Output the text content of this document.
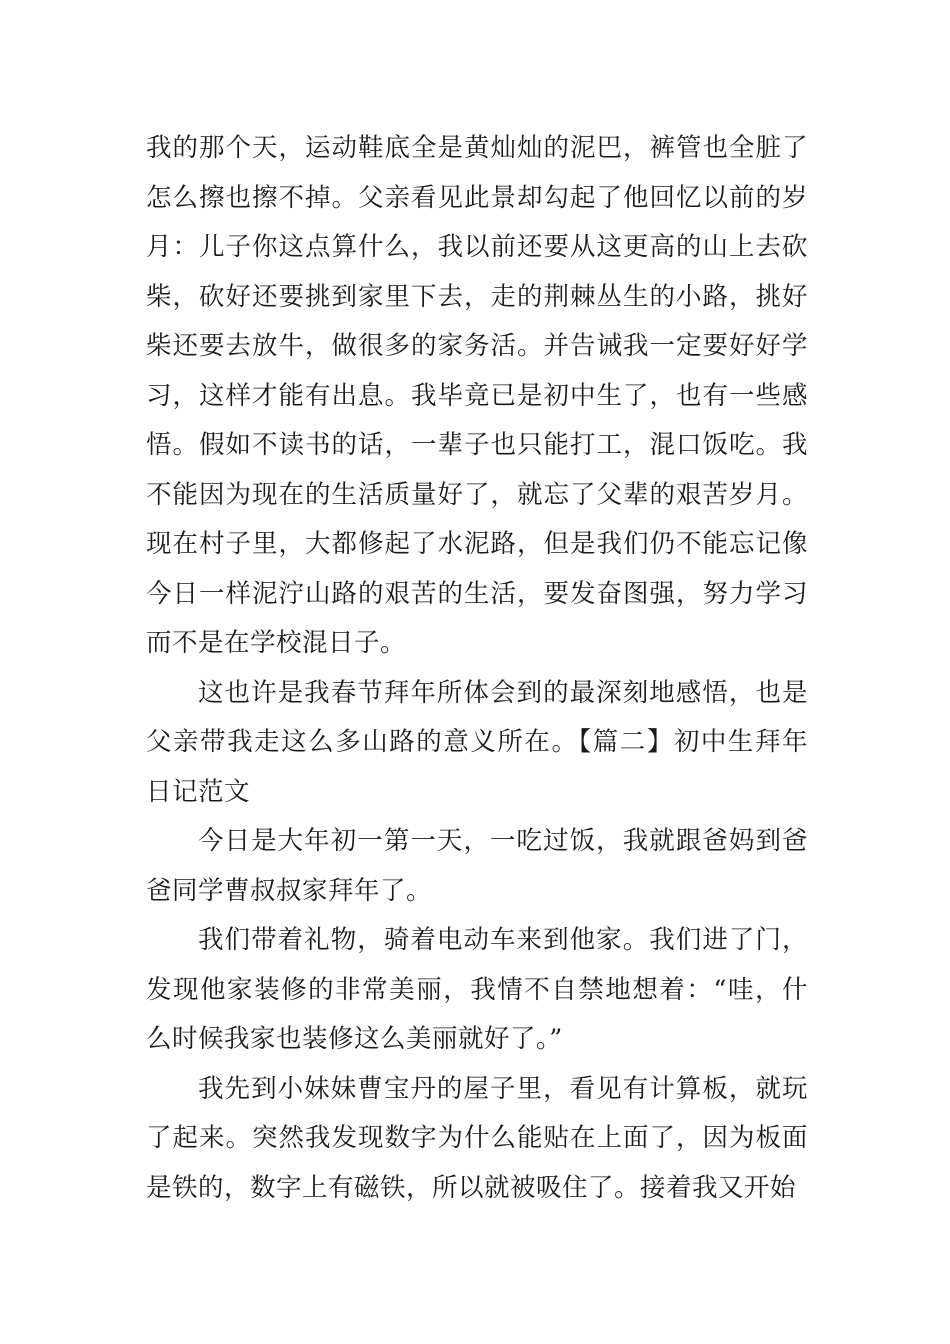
我的那个天，运动鞋底全是黄灿灿的泥巴，裤管也全脏了怎么擦也擦不掉。父亲看见此景却勾起了他回忆以前的岁月：儿子你这点算什么，我以前还要从这更高的山上去砍柴，砍好还要挑到家里下去，走的荆棘丛生的小路，挑好柴还要去放牛，做很多的家务活。并告诫我一定要好好学习，这样才能有出息。我毕竟已是初中生了，也有一些感悟。假如不读书的话，一辈子也只能打工，混口饭吃。我不能因为现在的生活质量好了，就忘了父辈的艰苦岁月。现在村子里，大都修起了水泥路，但是我们仍不能忘记像今日一样泥泞山路的艰苦的生活，要发奋图强，努力学习而不是在学校混日子。

这也许是我春节拜年所体会到的最深刻地感悟，也是父亲带我走这么多山路的意义所在。【篇二】初中生拜年日记范文

今日是大年初一第一天，一吃过饭，我就跟爸妈到爸爸同学曹叔叔家拜年了。

我们带着礼物，骑着电动车来到他家。我们进了门，发现他家装修的非常美丽，我情不自禁地想着：“哇，什么时候我家也装修这么美丽就好了。”

我先到小妹妹曹宝丹的屋子里，看见有计算板，就玩了起来。突然我发现数字为什么能贴在上面了，因为板面是铁的，数字上有磁铁，所以就被吸住了。接着我又开始
